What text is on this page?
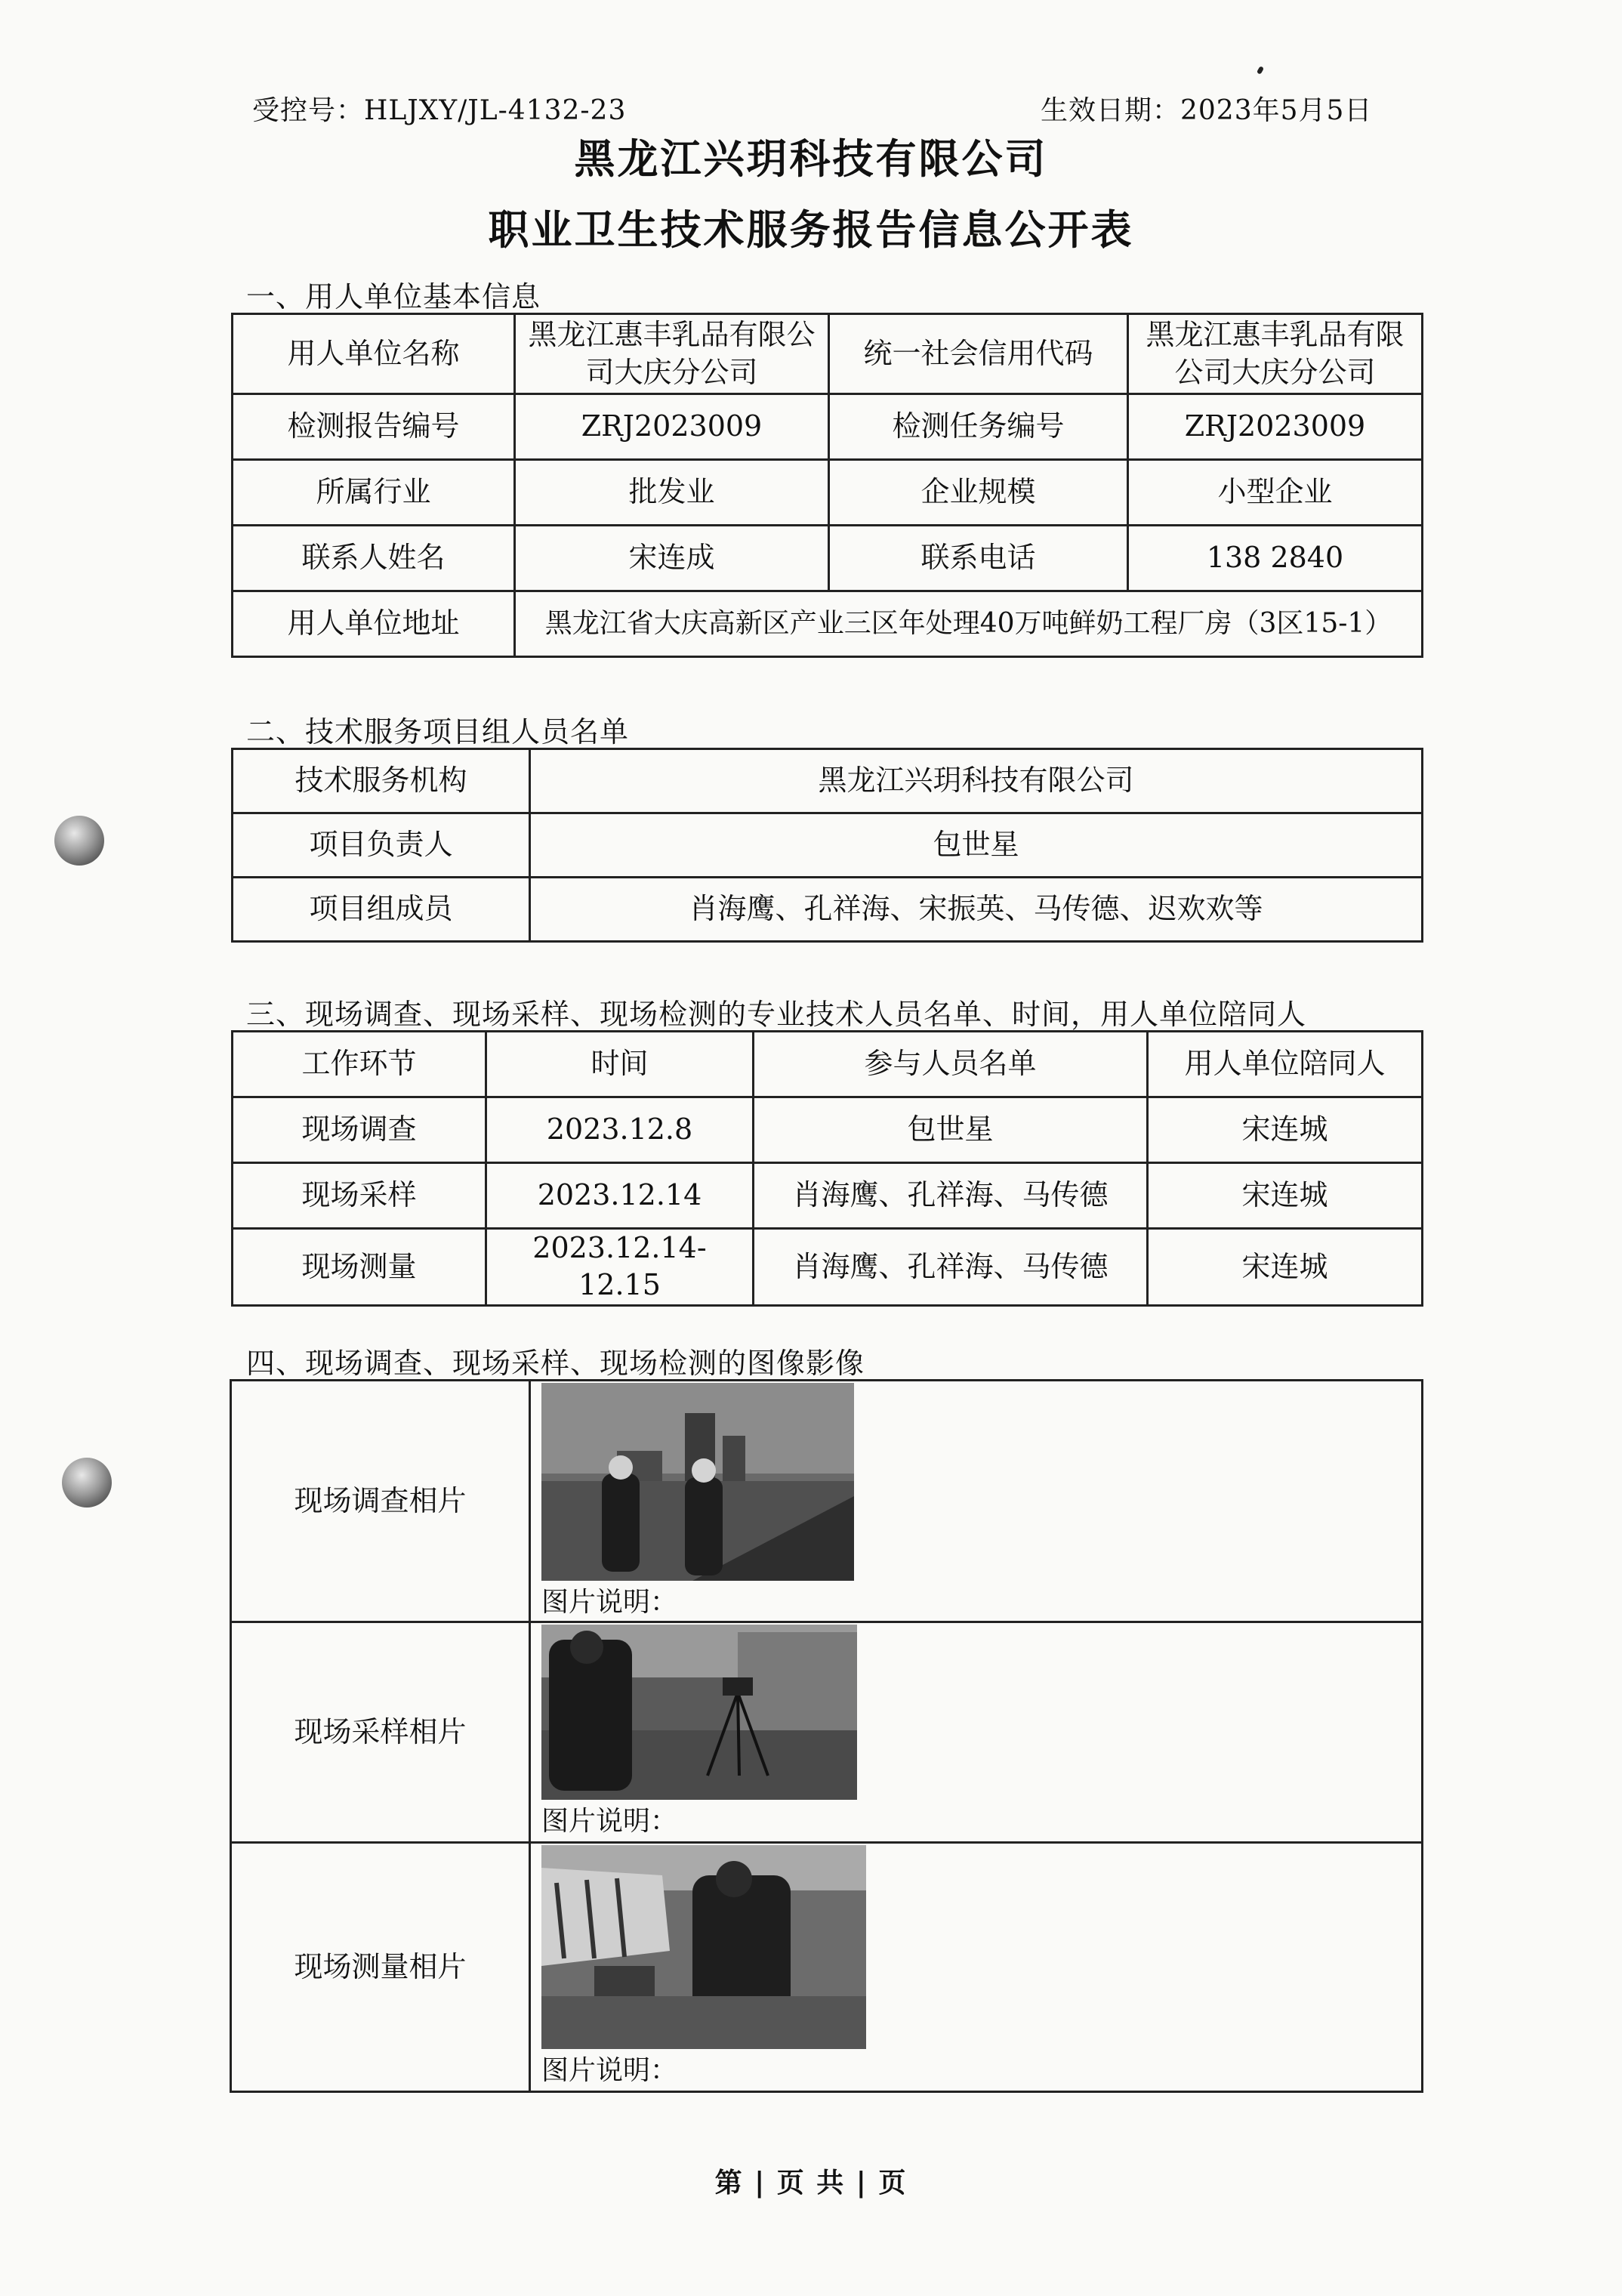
受控号：HLJXY/JL-4132-23	生效日期：2023年5月5日
黑龙江兴玥科技有限公司
职业卫生技术服务报告信息公开表
一、用人单位基本信息
用人单位名称	黑龙江惠丰乳品有限公司大庆分公司	统一社会信用代码	黑龙江惠丰乳品有限公司大庆分公司
检测报告编号	ZRJ2023009	检测任务编号	ZRJ2023009
所属行业	批发业	企业规模	小型企业
联系人姓名	宋连成	联系电话	138 2840
用人单位地址	黑龙江省大庆高新区产业三区年处理40万吨鲜奶工程厂房（3区15-1）		
二、技术服务项目组人员名单
技术服务机构	黑龙江兴玥科技有限公司
项目负责人	包世星
项目组成员	肖海鹰、孔祥海、宋振英、马传德、迟欢欢等
三、现场调查、现场采样、现场检测的专业技术人员名单、时间，用人单位陪同人
工作环节	时间	参与人员名单	用人单位陪同人
现场调查	2023.12.8	包世星	宋连城
现场采样	2023.12.14	肖海鹰、孔祥海、马传德	宋连城
现场测量	2023.12.14-12.15	肖海鹰、孔祥海、马传德	宋连城
四、现场调查、现场采样、现场检测的图像影像
现场调查相片	图片说明：

现场采样相片	图片说明：

现场测量相片	图片说明：
第 | 页 共 | 页
